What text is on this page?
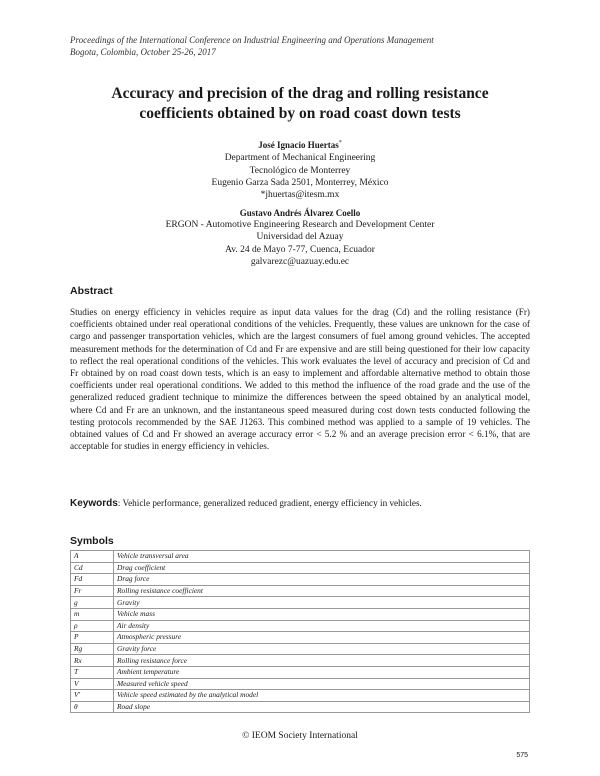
Proceedings of the International Conference on Industrial Engineering and Operations Management
Bogota, Colombia, October 25-26, 2017
Accuracy and precision of the drag and rolling resistance
coefficients obtained by on road coast down tests
José Ignacio Huertas*
Department of Mechanical Engineering
Tecnológico de Monterrey
Eugenio Garza Sada 2501, Monterrey, México
*jhuertas@itesm.mx
Gustavo Andrés Álvarez Coello
ERGON - Automotive Engineering Research and Development Center
Universidad del Azuay
Av. 24 de Mayo 7-77, Cuenca, Ecuador
galvarezc@uazuay.edu.ec
Abstract

Studies on energy efficiency in vehicles require as input data values for the drag (Cd) and the rolling resistance (Fr) coefficients obtained under real operational conditions of the vehicles. Frequently, these values are unknown for the case of cargo and passenger transportation vehicles, which are the largest consumers of fuel among ground vehicles. The accepted measurement methods for the determination of Cd and Fr are expensive and are still being questioned for their low capacity to reflect the real operational conditions of the vehicles. This work evaluates the level of accuracy and precision of Cd and Fr obtained by on road coast down tests, which is an easy to implement and affordable alternative method to obtain those coefficients under real operational conditions. We added to this method the influence of the road grade and the use of the generalized reduced gradient technique to minimize the differences between the speed obtained by an analytical model, where Cd and Fr are an unknown, and the instantaneous speed measured during cost down tests conducted following the testing protocols recommended by the SAE J1263. This combined method was applied to a sample of 19 vehicles. The obtained values of Cd and Fr showed an average accuracy error < 5.2 % and an average precision error < 6.1%, that are acceptable for studies in energy efficiency in vehicles.

Keywords: Vehicle performance, generalized reduced gradient, energy efficiency in vehicles.
Symbols
A	Vehicle transversal area
Cd	Drag coefficient
Fd	Drag force
Fr	Rolling resistance coefficient
g	Gravity
m	Vehicle mass
ρ	Air density
P	Atmospheric pressure
Rg	Gravity force
Rx	Rolling resistance force
T	Ambient temperature
V	Measured vehicle speed
V'	Vehicle speed estimated by the analytical model
θ	Road slope
© IEOM Society International
575
